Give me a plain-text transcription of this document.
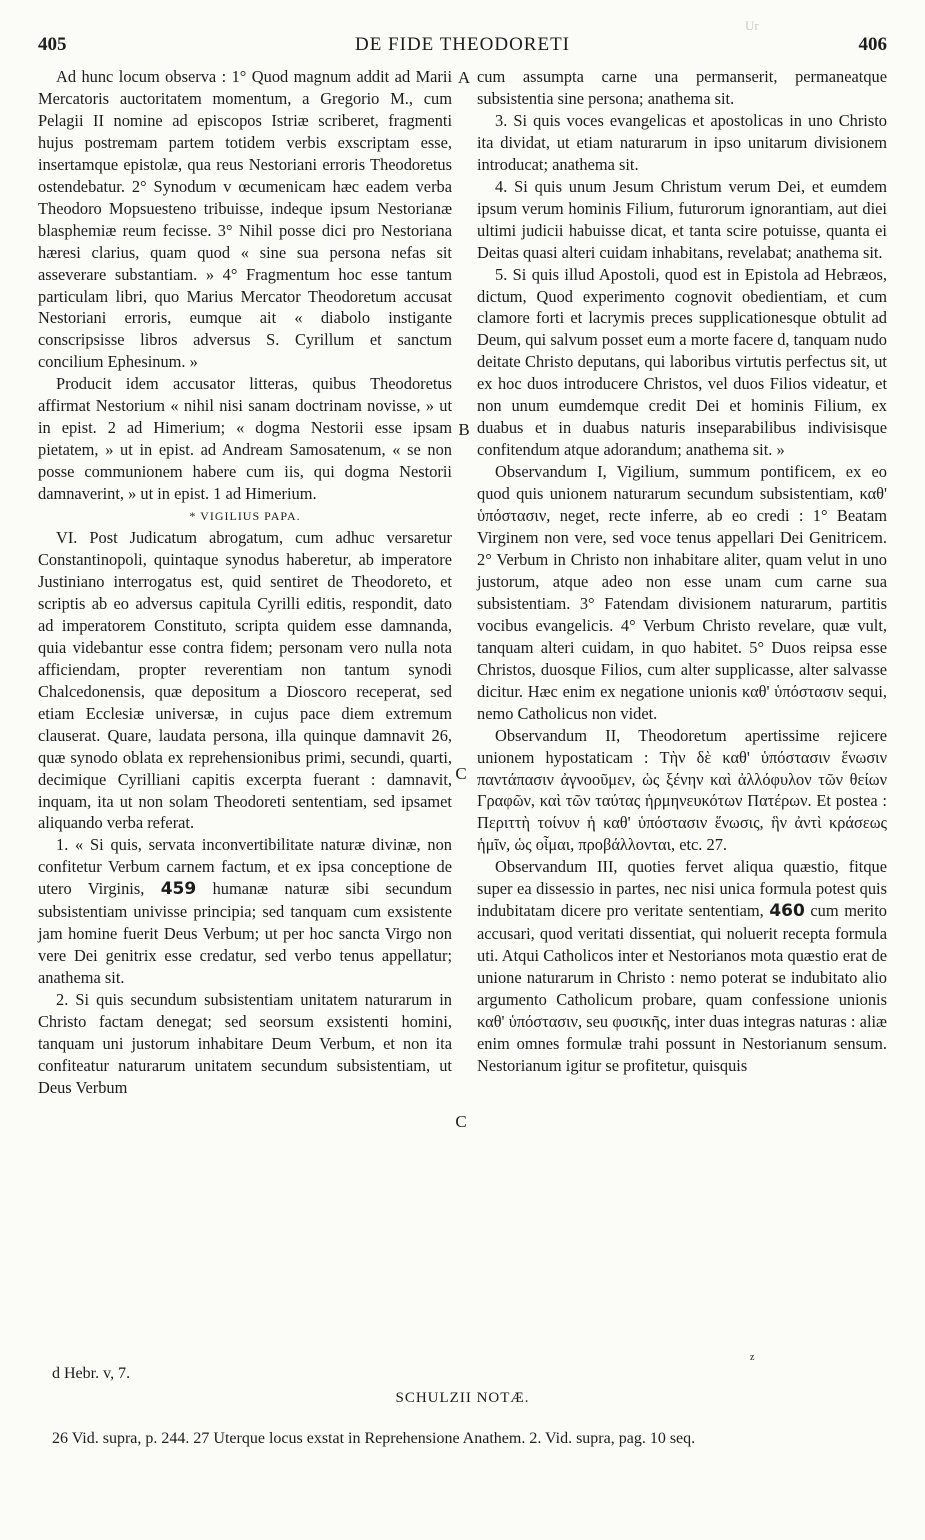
Ur
405	DE FIDE THEODORETI	406

Ad hunc locum observa : 1° Quod magnum addit ad Marii Mercatoris auctoritatem momentum, a Gregorio M., cum Pelagii II nomine ad episcopos Istriæ scriberet, fragmenti hujus postremam partem totidem verbis exscriptam esse, insertamque epistolæ, qua reus Nestoriani erroris Theodoretus ostendebatur. 2° Synodum v œcumenicam hæc eadem verba Theodoro Mopsuesteno tribuisse, indeque ipsum Nestorianæ blasphemiæ reum fecisse. 3° Nihil posse dici pro Nestoriana hæresi clarius, quam quod « sine sua persona nefas sit asseverare substantiam. » 4° Fragmentum hoc esse tantum particulam libri, quo Marius Mercator Theodoretum accusat Nestoriani erroris, eumque ait « diabolo instigante conscripsisse libros adversus S. Cyrillum et sanctum concilium Ephesinum. »

Producit idem accusator litteras, quibus Theodoretus affirmat Nestorium « nihil nisi sanam doctrinam novisse, » ut in epist. 2 ad Himerium; « dogma Nestorii esse ipsam pietatem, » ut in epist. ad Andream Samosatenum, « se non posse communionem habere cum iis, qui dogma Nestorii damnaverint, » ut in epist. 1 ad Himerium.

* VIGILIUS PAPA.

VI. Post Judicatum abrogatum, cum adhuc versaretur Constantinopoli, quintaque synodus haberetur, ab imperatore Justiniano interrogatus est, quid sentiret de Theodoreto, et scriptis ab eo adversus capitula Cyrilli editis, respondit, dato ad imperatorem Constituto, scripta quidem esse damnanda, quia videbantur esse contra fidem; personam vero nulla nota afficiendam, propter reverentiam non tantum synodi Chalcedonensis, quæ depositum a Dioscoro receperat, sed etiam Ecclesiæ universæ, in cujus pace diem extremum clauserat. Quare, laudata persona, illa quinque damnavit 26, quæ synodo oblata ex reprehensionibus primi, secundi, quarti, decimique Cyrilliani capitis excerpta fuerant : damnavit, inquam, ita ut non solam Theodoreti sententiam, sed ipsamet aliquando verba referat.

1. « Si quis, servata inconvertibilitate naturæ divinæ, non confitetur Verbum carnem factum, et ex ipsa conceptione de utero Virginis, 459 humanæ naturæ sibi secundum subsistentiam univisse principia; sed tanquam cum exsistente jam homine fuerit Deus Verbum; ut per hoc sancta Virgo non vere Dei genitrix esse credatur, sed verbo tenus appellatur; anathema sit.

2. Si quis secundum subsistentiam unitatem naturarum in Christo factam denegat; sed seorsum exsistenti homini, tanquam uni justorum inhabitare Deum Verbum, et non ita confiteatur naturarum unitatem secundum subsistentiam, ut Deus Verbum

A
B
C
C

cum assumpta carne una permanserit, permaneatque subsistentia sine persona; anathema sit.

3. Si quis voces evangelicas et apostolicas in uno Christo ita dividat, ut etiam naturarum in ipso unitarum divisionem introducat; anathema sit.

4. Si quis unum Jesum Christum verum Dei, et eumdem ipsum verum hominis Filium, futurorum ignorantiam, aut diei ultimi judicii habuisse dicat, et tanta scire potuisse, quanta ei Deitas quasi alteri cuidam inhabitans, revelabat; anathema sit.

5. Si quis illud Apostoli, quod est in Epistola ad Hebræos, dictum, Quod experimento cognovit obedientiam, et cum clamore forti et lacrymis preces supplicationesque obtulit ad Deum, qui salvum posset eum a morte facere d, tanquam nudo deitate Christo deputans, qui laboribus virtutis perfectus sit, ut ex hoc duos introducere Christos, vel duos Filios videatur, et non unum eumdemque credit Dei et hominis Filium, ex duabus et in duabus naturis inseparabilibus indivisisque confitendum atque adorandum; anathema sit. »

Observandum I, Vigilium, summum pontificem, ex eo quod quis unionem naturarum secundum subsistentiam, καθ' ὑπόστασιν, neget, recte inferre, ab eo credi : 1° Beatam Virginem non vere, sed voce tenus appellari Dei Genitricem. 2° Verbum in Christo non inhabitare aliter, quam velut in uno justorum, atque adeo non esse unam cum carne sua subsistentiam. 3° Fatendam divisionem naturarum, partitis vocibus evangelicis. 4° Verbum Christo revelare, quæ vult, tanquam alteri cuidam, in quo habitet. 5° Duos reipsa esse Christos, duosque Filios, cum alter supplicasse, alter salvasse dicitur. Hæc enim ex negatione unionis καθ' ὑπόστασιν sequi, nemo Catholicus non videt.

Observandum II, Theodoretum apertissime rejicere unionem hypostaticam : Τὴν δὲ καθ' ὑπόστασιν ἕνωσιν παντάπασιν ἀγνοοῦμεν, ὡς ξένην καὶ ἀλλόφυλον τῶν θείων Γραφῶν, καὶ τῶν ταύτας ἡρμηνευκότων Πατέρων. Et postea : Περιττὴ τοίνυν ἡ καθ' ὑπόστασιν ἕνωσις, ἣν ἀντὶ κράσεως ἡμῖν, ὡς οἶμαι, προβάλλονται, etc. 27.

Observandum III, quoties fervet aliqua quæstio, fitque super ea dissessio in partes, nec nisi unica formula potest quis indubitatam dicere pro veritate sententiam, 460 cum merito accusari, quod veritati dissentiat, qui noluerit recepta formula uti. Atqui Catholicos inter et Nestorianos mota quæstio erat de unione naturarum in Christo : nemo poterat se indubitato alio argumento Catholicum probare, quam confessione unionis καθ' ὑπόστασιν, seu φυσικῆς, inter duas integras naturas : aliæ enim omnes formulæ trahi possunt in Nestorianum sensum. Nestorianum igitur se profitetur, quisquis

z
d Hebr. v, 7.
SCHULZII NOTÆ.
26 Vid. supra, p. 244. 27 Uterque locus exstat in Reprehensione Anathem. 2. Vid. supra, pag. 10 seq.
